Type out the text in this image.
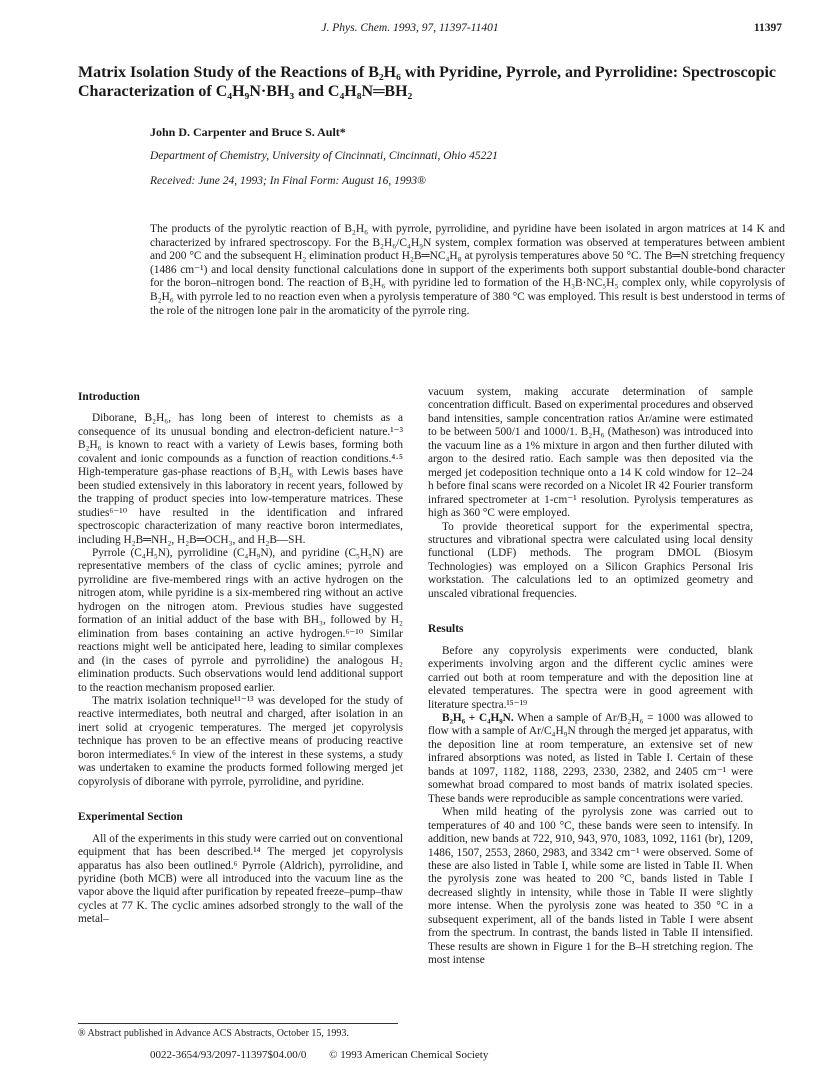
J. Phys. Chem. 1993, 97, 11397-11401	11397
Matrix Isolation Study of the Reactions of B₂H₆ with Pyridine, Pyrrole, and Pyrrolidine: Spectroscopic Characterization of C₄H₉N·BH₃ and C₄H₈N═BH₂
John D. Carpenter and Bruce S. Ault*
Department of Chemistry, University of Cincinnati, Cincinnati, Ohio 45221
Received: June 24, 1993; In Final Form: August 16, 1993®

The products of the pyrolytic reaction of B₂H₆ with pyrrole, pyrrolidine, and pyridine have been isolated in argon matrices at 14 K and characterized by infrared spectroscopy. For the B₂H₆/C₄H₉N system, complex formation was observed at temperatures between ambient and 200 °C and the subsequent H₂ elimination product H₂B═NC₄H₈ at pyrolysis temperatures above 50 °C. The B═N stretching frequency (1486 cm⁻¹) and local density functional calculations done in support of the experiments both support substantial double-bond character for the boron–nitrogen bond. The reaction of B₂H₆ with pyridine led to formation of the H₃B·NC₅H₅ complex only, while copyrolysis of B₂H₆ with pyrrole led to no reaction even when a pyrolysis temperature of 380 °C was employed. This result is best understood in terms of the role of the nitrogen lone pair in the aromaticity of the pyrrole ring.

Introduction

Diborane, B₂H₆, has long been of interest to chemists as a consequence of its unusual bonding and electron-deficient nature.¹⁻³ B₂H₆ is known to react with a variety of Lewis bases, forming both covalent and ionic compounds as a function of reaction conditions.⁴·⁵ High-temperature gas-phase reactions of B₂H₆ with Lewis bases have been studied extensively in this laboratory in recent years, followed by the trapping of product species into low-temperature matrices. These studies⁶⁻¹⁰ have resulted in the identification and infrared spectroscopic characterization of many reactive boron intermediates, including H₂B═NH₂, H₂B═OCH₃, and H₂B—SH.

Pyrrole (C₄H₅N), pyrrolidine (C₄H₉N), and pyridine (C₅H₅N) are representative members of the class of cyclic amines; pyrrole and pyrrolidine are five-membered rings with an active hydrogen on the nitrogen atom, while pyridine is a six-membered ring without an active hydrogen on the nitrogen atom. Previous studies have suggested formation of an initial adduct of the base with BH₃, followed by H₂ elimination from bases containing an active hydrogen.⁶⁻¹⁰ Similar reactions might well be anticipated here, leading to similar complexes and (in the cases of pyrrole and pyrrolidine) the analogous H₂ elimination products. Such observations would lend additional support to the reaction mechanism proposed earlier.

The matrix isolation technique¹¹⁻¹³ was developed for the study of reactive intermediates, both neutral and charged, after isolation in an inert solid at cryogenic temperatures. The merged jet copyrolysis technique has proven to be an effective means of producing reactive boron intermediates.⁶ In view of the interest in these systems, a study was undertaken to examine the products formed following merged jet copyrolysis of diborane with pyrrole, pyrrolidine, and pyridine.

Experimental Section

All of the experiments in this study were carried out on conventional equipment that has been described.¹⁴ The merged jet copyrolysis apparatus has also been outlined.⁶ Pyrrole (Aldrich), pyrrolidine, and pyridine (both MCB) were all introduced into the vacuum line as the vapor above the liquid after purification by repeated freeze–pump–thaw cycles at 77 K. The cyclic amines adsorbed strongly to the wall of the metal–

vacuum system, making accurate determination of sample concentration difficult. Based on experimental procedures and observed band intensities, sample concentration ratios Ar/amine were estimated to be between 500/1 and 1000/1. B₂H₆ (Matheson) was introduced into the vacuum line as a 1% mixture in argon and then further diluted with argon to the desired ratio. Each sample was then deposited via the merged jet codeposition technique onto a 14 K cold window for 12–24 h before final scans were recorded on a Nicolet IR 42 Fourier transform infrared spectrometer at 1-cm⁻¹ resolution. Pyrolysis temperatures as high as 360 °C were employed.

To provide theoretical support for the experimental spectra, structures and vibrational spectra were calculated using local density functional (LDF) methods. The program DMOL (Biosym Technologies) was employed on a Silicon Graphics Personal Iris workstation. The calculations led to an optimized geometry and unscaled vibrational frequencies.

Results

Before any copyrolysis experiments were conducted, blank experiments involving argon and the different cyclic amines were carried out both at room temperature and with the deposition line at elevated temperatures. The spectra were in good agreement with literature spectra.¹⁵⁻¹⁹

B₂H₆ + C₄H₉N. When a sample of Ar/B₂H₆ = 1000 was allowed to flow with a sample of Ar/C₄H₉N through the merged jet apparatus, with the deposition line at room temperature, an extensive set of new infrared absorptions was noted, as listed in Table I. Certain of these bands at 1097, 1182, 1188, 2293, 2330, 2382, and 2405 cm⁻¹ were somewhat broad compared to most bands of matrix isolated species. These bands were reproducible as sample concentrations were varied.

When mild heating of the pyrolysis zone was carried out to temperatures of 40 and 100 °C, these bands were seen to intensify. In addition, new bands at 722, 910, 943, 970, 1083, 1092, 1161 (br), 1209, 1486, 1507, 2553, 2860, 2983, and 3342 cm⁻¹ were observed. Some of these are also listed in Table I, while some are listed in Table II. When the pyrolysis zone was heated to 200 °C, bands listed in Table I decreased slightly in intensity, while those in Table II were slightly more intense. When the pyrolysis zone was heated to 350 °C in a subsequent experiment, all of the bands listed in Table I were absent from the spectrum. In contrast, the bands listed in Table II intensified. These results are shown in Figure 1 for the B–H stretching region. The most intense

® Abstract published in Advance ACS Abstracts, October 15, 1993.
0022-3654/93/2097-11397$04.00/0 © 1993 American Chemical Society
